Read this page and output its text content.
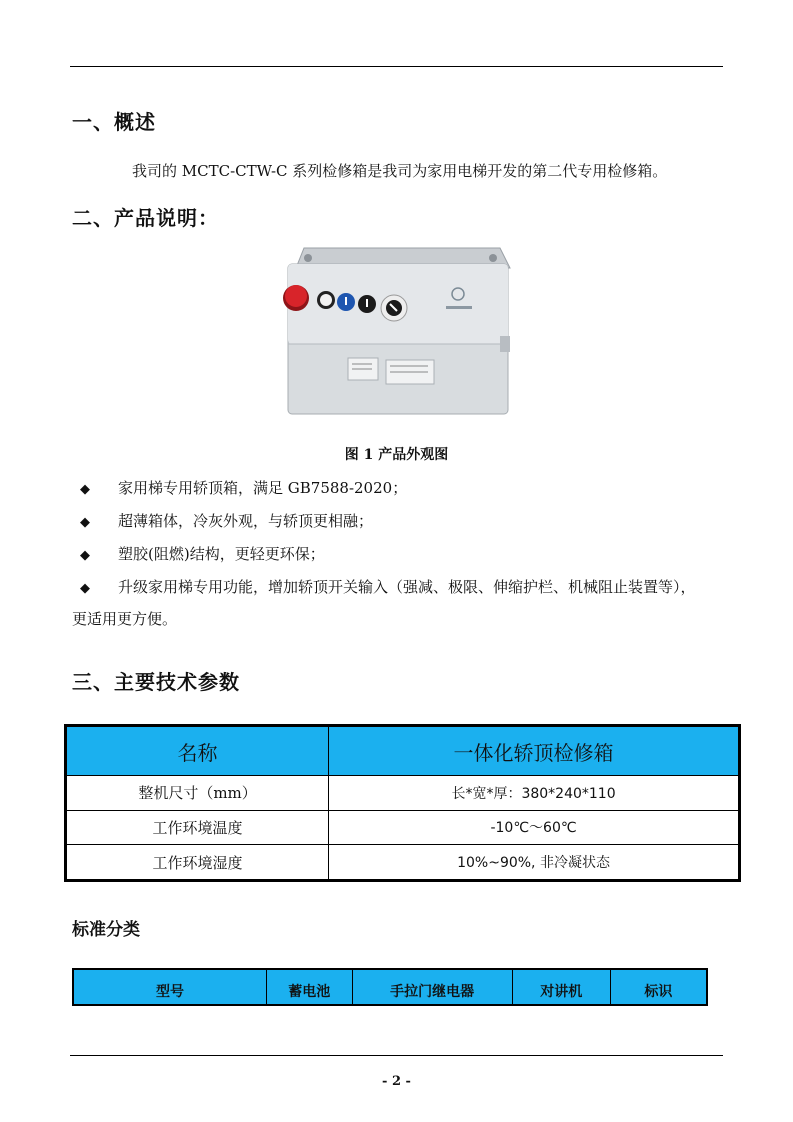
一、概述
我司的 MCTC-CTW-C 系列检修箱是我司为家用电梯开发的第二代专用检修箱。
二、产品说明：
图 1 产品外观图
◆ 家用梯专用轿顶箱，满足 GB7588-2020；
◆ 超薄箱体，冷灰外观，与轿顶更相融；
◆ 塑胶(阻燃)结构，更轻更环保；
◆ 升级家用梯专用功能，增加轿顶开关输入（强减、极限、伸缩护栏、机械阻止装置等），
更适用更方便。
三、主要技术参数
名称	一体化轿顶检修箱
整机尺寸（mm）	长*宽*厚：380*240*110
工作环境温度	-10℃～60℃
工作环境湿度	10%~90%, 非冷凝状态
标准分类
型号	蓄电池	手拉门继电器	对讲机	标识
- 2 -
